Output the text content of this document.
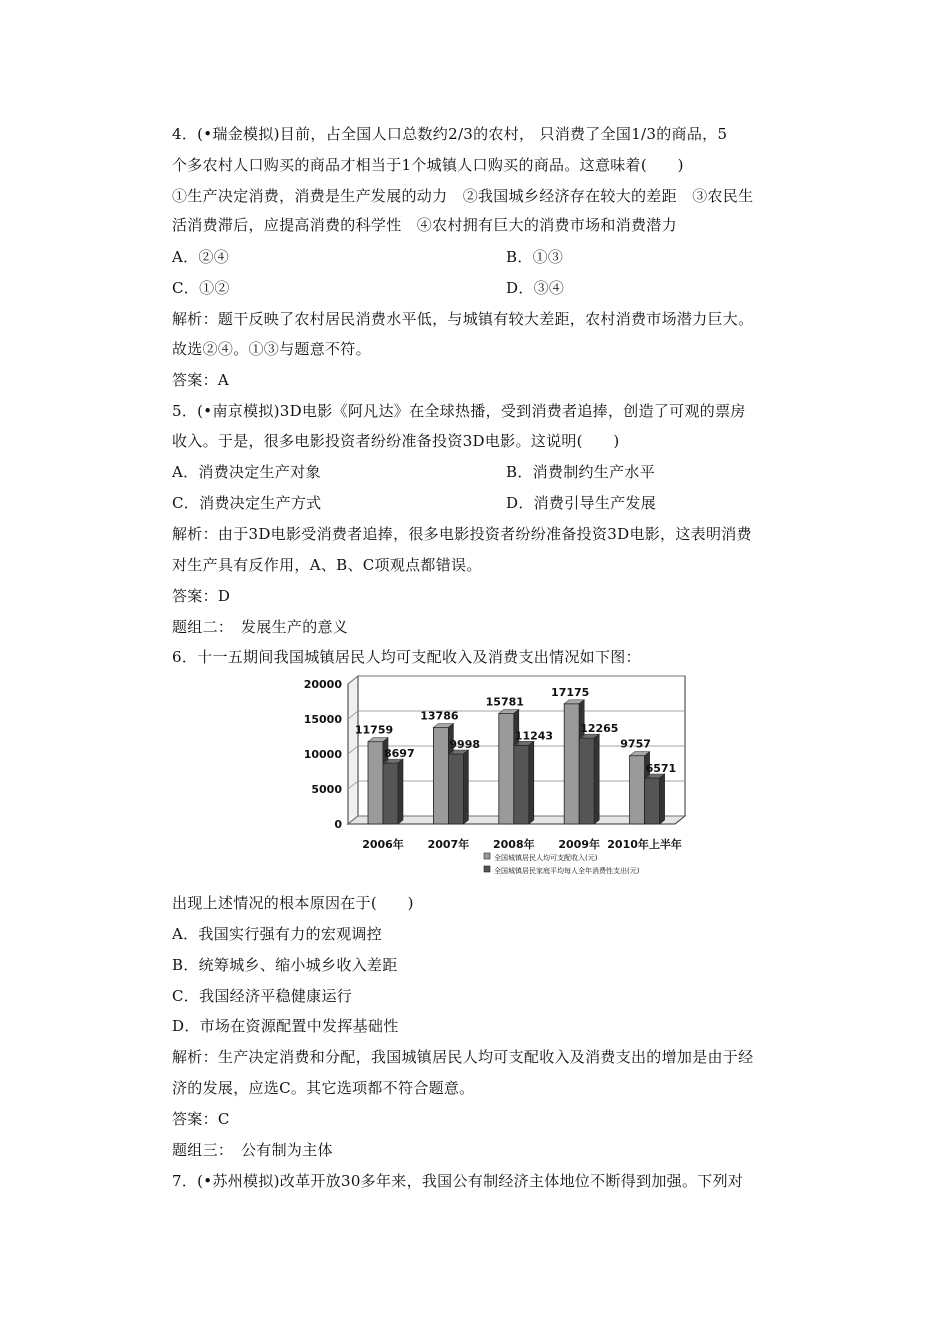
4．(•瑞金模拟)目前，占全国人口总数约2/3的农村， 只消费了全国1/3的商品，5
个多农村人口购买的商品才相当于1个城镇人口购买的商品。这意味着(　　)
①生产决定消费，消费是生产发展的动力　②我国城乡经济存在较大的差距　③农民生
活消费滞后，应提高消费的科学性　④农村拥有巨大的消费市场和消费潜力
A．②④	B．①③
C．①②	D．③④
解析：题干反映了农村居民消费水平低，与城镇有较大差距，农村消费市场潜力巨大。
故选②④。①③与题意不符。
答案：A
5．(•南京模拟)3D电影《阿凡达》在全球热播，受到消费者追捧，创造了可观的票房
收入。于是，很多电影投资者纷纷准备投资3D电影。这说明(　　)
A．消费决定生产对象	B．消费制约生产水平
C．消费决定生产方式	D．消费引导生产发展
解析：由于3D电影受消费者追捧，很多电影投资者纷纷准备投资3D电影，这表明消费
对生产具有反作用，A、B、C项观点都错误。
答案：D
题组二：　发展生产的意义
6．十一五期间我国城镇居民人均可支配收入及消费支出情况如下图：
0
5000
10000
15000
20000
11759
8697
2006年
13786
9998
2007年
15781
11243
2008年
17175
12265
2009年
9757
6571
2010年上半年
全国城镇居民人均可支配收入(元)
全国城镇居民家庭平均每人全年消费性支出(元)
出现上述情况的根本原因在于(　　)
A．我国实行强有力的宏观调控
B．统筹城乡、缩小城乡收入差距
C．我国经济平稳健康运行
D．市场在资源配置中发挥基础性
解析：生产决定消费和分配，我国城镇居民人均可支配收入及消费支出的增加是由于经
济的发展，应选C。其它选项都不符合题意。
答案：C
题组三：　公有制为主体
7．(•苏州模拟)改革开放30多年来，我国公有制经济主体地位不断得到加强。下列对
